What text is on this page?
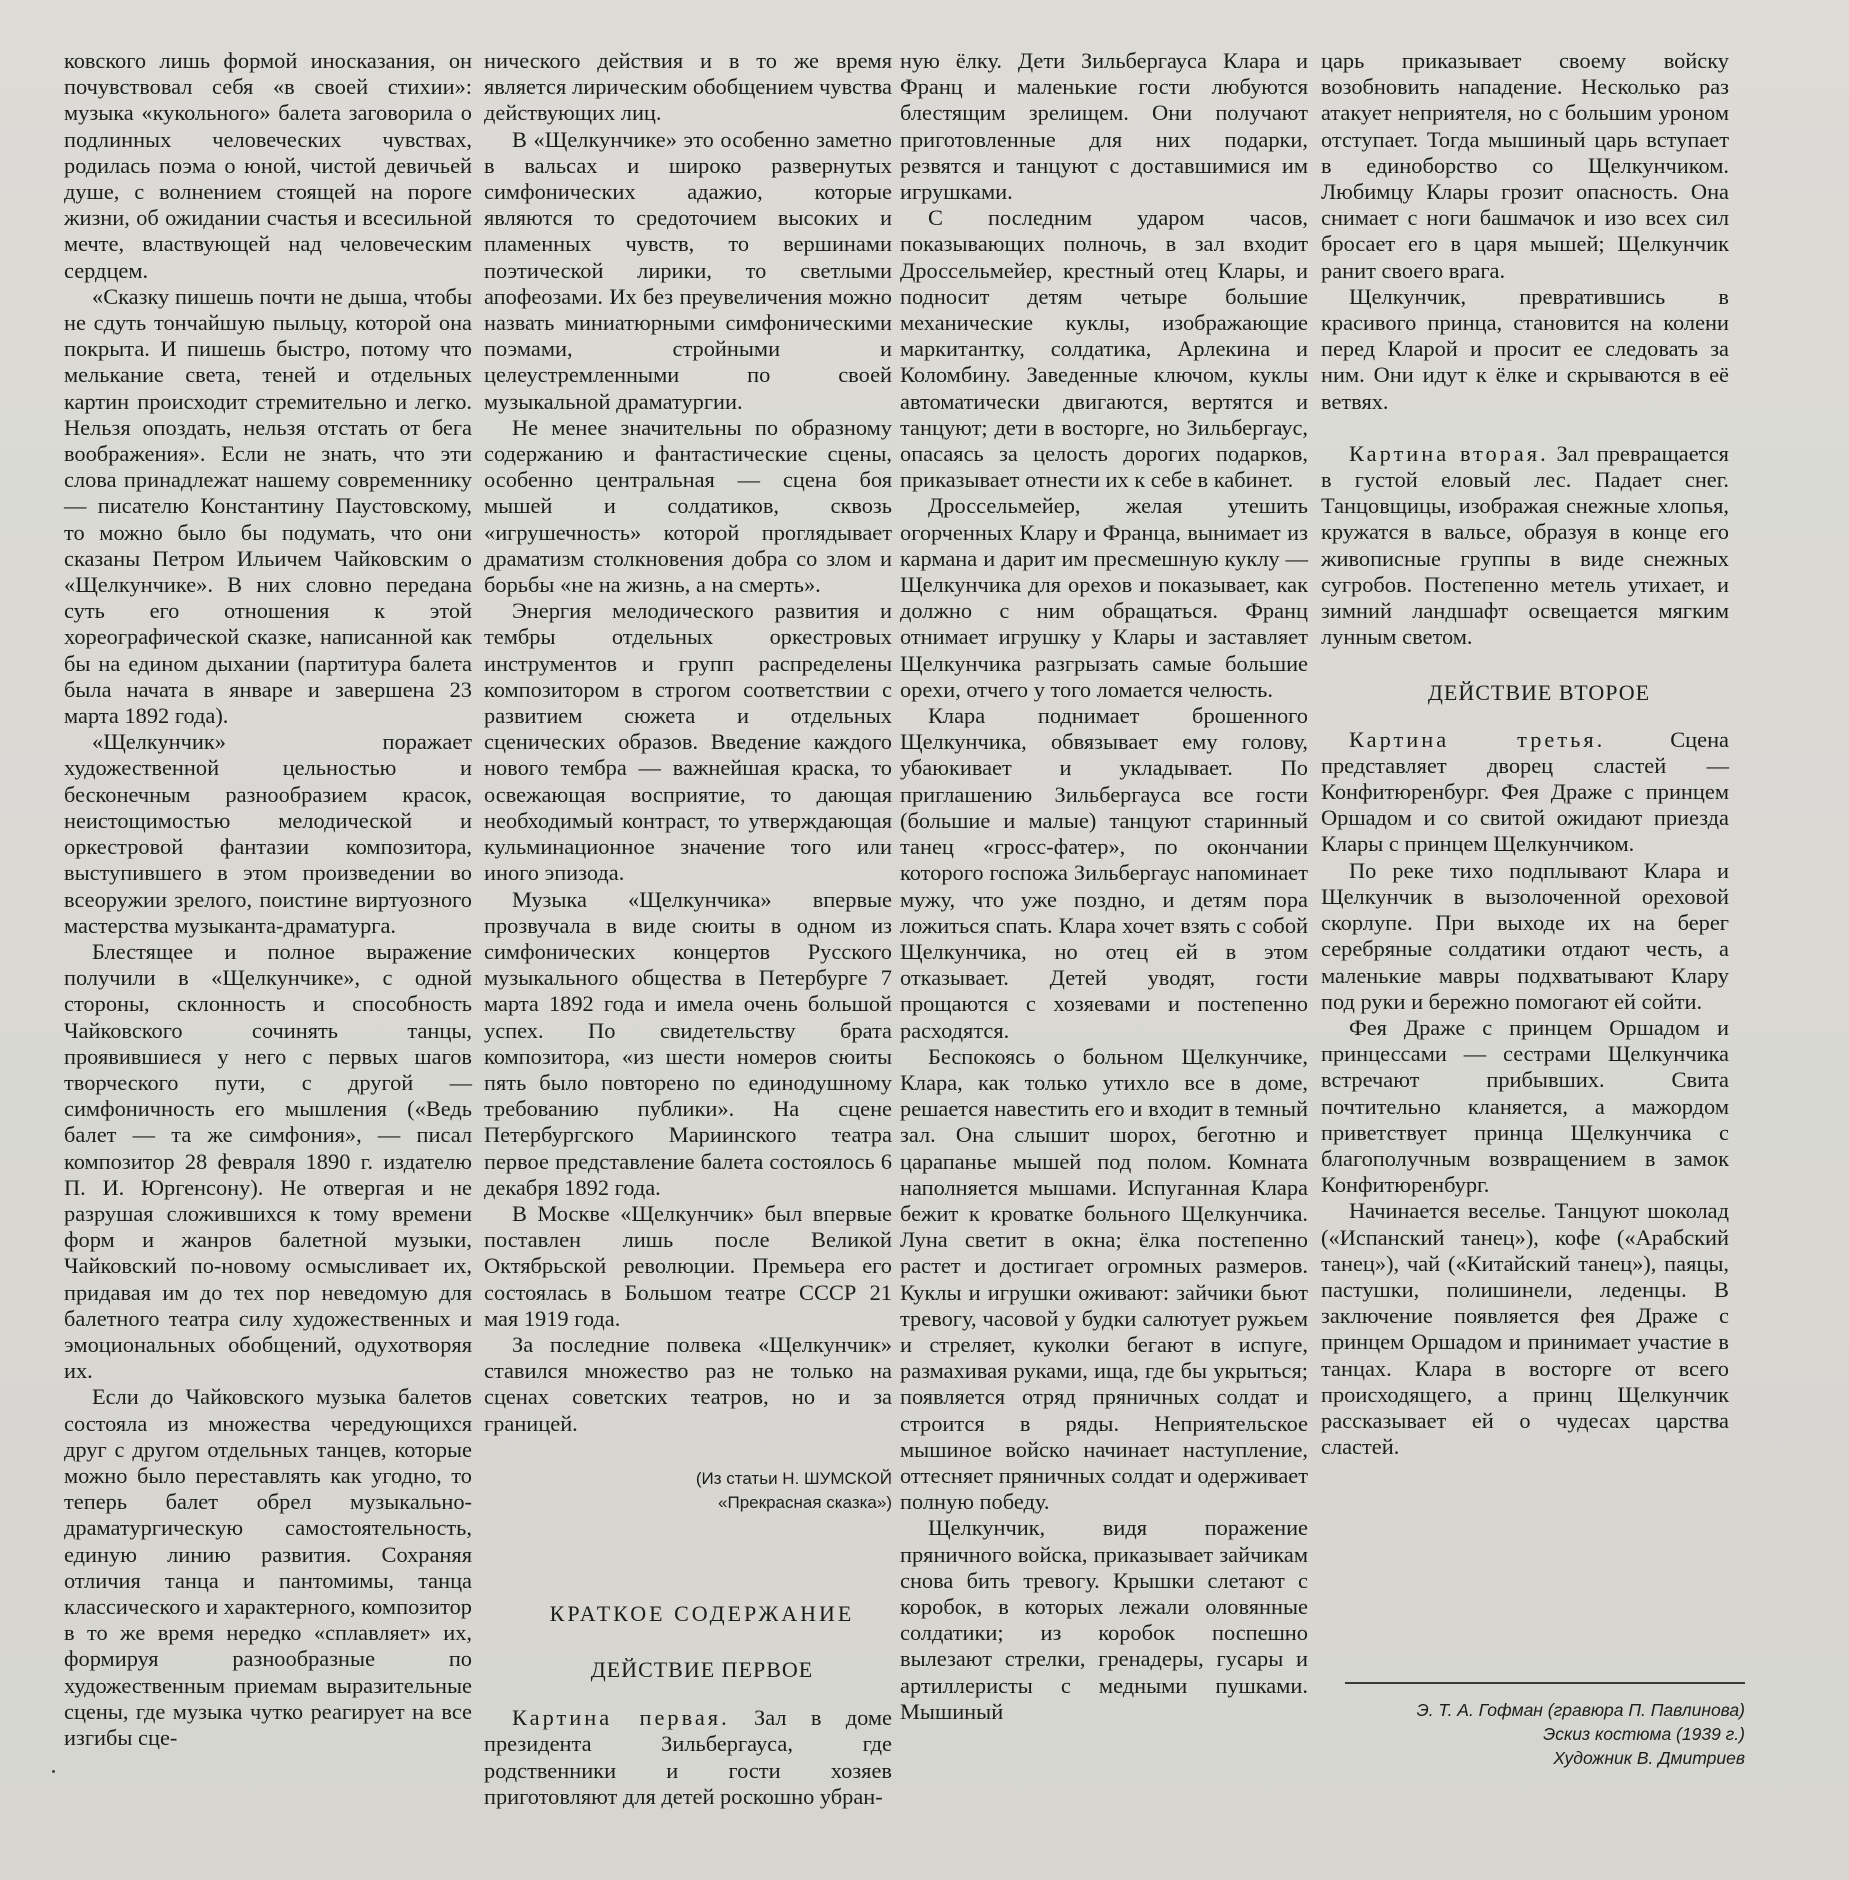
ковского лишь формой иносказания, он почувствовал себя «в своей стихии»: музыка «кукольного» балета заговорила о подлинных человеческих чувствах, родилась поэма о юной, чистой девичьей душе, с волнением стоящей на пороге жизни, об ожидании счастья и всесильной мечте, властвующей над человеческим сердцем.

«Сказку пишешь почти не дыша, чтобы не сдуть тончайшую пыльцу, которой она покрыта. И пишешь быстро, потому что мелькание света, теней и отдельных картин происходит стремительно и легко. Нельзя опоздать, нельзя отстать от бега воображения». Если не знать, что эти слова принадлежат нашему современнику — писателю Константину Паустовскому, то можно было бы подумать, что они сказаны Петром Ильичем Чайковским о «Щелкунчике». В них словно передана суть его отношения к этой хореографической сказке, написанной как бы на едином дыхании (партитура балета была начата в январе и завершена 23 марта 1892 года).

«Щелкунчик» поражает художественной цельностью и бесконечным разнообразием красок, неистощимостью мелодической и оркестровой фантазии композитора, выступившего в этом произведении во всеоружии зрелого, поистине виртуозного мастерства музыканта-драматурга.

Блестящее и полное выражение получили в «Щелкунчике», с одной стороны, склонность и способность Чайковского сочинять танцы, проявившиеся у него с первых шагов творческого пути, с другой — симфоничность его мышления («Ведь балет — та же симфония», — писал композитор 28 февраля 1890 г. издателю П. И. Юргенсону). Не отвергая и не разрушая сложившихся к тому времени форм и жанров балетной музыки, Чайковский по-новому осмысливает их, придавая им до тех пор неведомую для балетного театра силу художественных и эмоциональных обобщений, одухотворяя их.

Если до Чайковского музыка балетов состояла из множества чередующихся друг с другом отдельных танцев, которые можно было переставлять как угодно, то теперь балет обрел музыкально-драматургическую самостоятельность, единую линию развития. Сохраняя отличия танца и пантомимы, танца классического и характерного, композитор в то же время нередко «сплавляет» их, формируя разнообразные по художественным приемам выразительные сцены, где музыка чутко реагирует на все изгибы сце-

нического действия и в то же время является лирическим обобщением чувства действующих лиц.

В «Щелкунчике» это особенно заметно в вальсах и широко развернутых симфонических адажио, которые являются то средоточием высоких и пламенных чувств, то вершинами поэтической лирики, то светлыми апофеозами. Их без преувеличения можно назвать миниатюрными симфоническими поэмами, стройными и целеустремленными по своей музыкальной драматургии.

Не менее значительны по образному содержанию и фантастические сцены, особенно центральная — сцена боя мышей и солдатиков, сквозь «игрушечность» которой проглядывает драматизм столкновения добра со злом и борьбы «не на жизнь, а на смерть».

Энергия мелодического развития и тембры отдельных оркестровых инструментов и групп распределены композитором в строгом соответствии с развитием сюжета и отдельных сценических образов. Введение каждого нового тембра — важнейшая краска, то освежающая восприятие, то дающая необходимый контраст, то утверждающая кульминационное значение того или иного эпизода.

Музыка «Щелкунчика» впервые прозвучала в виде сюиты в одном из симфонических концертов Русского музыкального общества в Петербурге 7 марта 1892 года и имела очень большой успех. По свидетельству брата композитора, «из шести номеров сюиты пять было повторено по единодушному требованию публики». На сцене Петербургского Мариинского театра первое представление балета состоялось 6 декабря 1892 года.

В Москве «Щелкунчик» был впервые поставлен лишь после Великой Октябрьской революции. Премьера его состоялась в Большом театре СССР 21 мая 1919 года.

За последние полвека «Щелкунчик» ставился множество раз не только на сценах советских театров, но и за границей.

(Из статьи Н. ШУМСКОЙ
«Прекрасная сказка»)

КРАТКОЕ СОДЕРЖАНИЕ

ДЕЙСТВИЕ ПЕРВОЕ

Картина первая. Зал в доме президента Зильбергауса, где родственники и гости хозяев приготовляют для детей роскошно убран-

ную ёлку. Дети Зильбергауса Клара и Франц и маленькие гости любуются блестящим зрелищем. Они получают приготовленные для них подарки, резвятся и танцуют с доставшимися им игрушками.

С последним ударом часов, показывающих полночь, в зал входит Дроссельмейер, крестный отец Клары, и подносит детям четыре большие механические куклы, изображающие маркитантку, солдатика, Арлекина и Коломбину. Заведенные ключом, куклы автоматически двигаются, вертятся и танцуют; дети в восторге, но Зильбергаус, опасаясь за целость дорогих подарков, приказывает отнести их к себе в кабинет.

Дроссельмейер, желая утешить огорченных Клару и Франца, вынимает из кармана и дарит им пресмешную куклу — Щелкунчика для орехов и показывает, как должно с ним обращаться. Франц отнимает игрушку у Клары и заставляет Щелкунчика разгрызать самые большие орехи, отчего у того ломается челюсть.

Клара поднимает брошенного Щелкунчика, обвязывает ему голову, убаюкивает и укладывает. По приглашению Зильбергауса все гости (большие и малые) танцуют старинный танец «гросс-фатер», по окончании которого госпожа Зильбергаус напоминает мужу, что уже поздно, и детям пора ложиться спать. Клара хочет взять с собой Щелкунчика, но отец ей в этом отказывает. Детей уводят, гости прощаются с хозяевами и постепенно расходятся.

Беспокоясь о больном Щелкунчике, Клара, как только утихло все в доме, решается навестить его и входит в темный зал. Она слышит шорох, беготню и царапанье мышей под полом. Комната наполняется мышами. Испуганная Клара бежит к кроватке больного Щелкунчика. Луна светит в окна; ёлка постепенно растет и достигает огромных размеров. Куклы и игрушки оживают: зайчики бьют тревогу, часовой у будки салютует ружьем и стреляет, куколки бегают в испуге, размахивая руками, ища, где бы укрыться; появляется отряд пряничных солдат и строится в ряды. Неприятельское мышиное войско начинает наступление, оттесняет пряничных солдат и одерживает полную победу.

Щелкунчик, видя поражение пряничного войска, приказывает зайчикам снова бить тревогу. Крышки слетают с коробок, в которых лежали оловянные солдатики; из коробок поспешно вылезают стрелки, гренадеры, гусары и артиллеристы с медными пушками. Мышиный

царь приказывает своему войску возобновить нападение. Несколько раз атакует неприятеля, но с большим уроном отступает. Тогда мышиный царь вступает в единоборство со Щелкунчиком. Любимцу Клары грозит опасность. Она снимает с ноги башмачок и изо всех сил бросает его в царя мышей; Щелкунчик ранит своего врага.

Щелкунчик, превратившись в красивого принца, становится на колени перед Кларой и просит ее следовать за ним. Они идут к ёлке и скрываются в её ветвях.

Картина вторая. Зал превращается в густой еловый лес. Падает снег. Танцовщицы, изображая снежные хлопья, кружатся в вальсе, образуя в конце его живописные группы в виде снежных сугробов. Постепенно метель утихает, и зимний ландшафт освещается мягким лунным светом.

ДЕЙСТВИЕ ВТОРОЕ

Картина третья. Сцена представляет дворец сластей — Конфитюренбург. Фея Драже с принцем Оршадом и со свитой ожидают приезда Клары с принцем Щелкунчиком.

По реке тихо подплывают Клара и Щелкунчик в вызолоченной ореховой скорлупе. При выходе их на берег серебряные солдатики отдают честь, а маленькие мавры подхватывают Клару под руки и бережно помогают ей сойти.

Фея Драже с принцем Оршадом и принцессами — сестрами Щелкунчика встречают прибывших. Свита почтительно кланяется, а мажордом приветствует принца Щелкунчика с благополучным возвращением в замок Конфитюренбург.

Начинается веселье. Танцуют шоколад («Испанский танец»), кофе («Арабский танец»), чай («Китайский танец»), паяцы, пастушки, полишинели, леденцы. В заключение появляется фея Драже с принцем Оршадом и принимает участие в танцах. Клара в восторге от всего происходящего, а принц Щелкунчик рассказывает ей о чудесах царства сластей.

Э. Т. А. Гофман (гравюра П. Павлинова)
Эскиз костюма (1939 г.)
Художник В. Дмитриев
